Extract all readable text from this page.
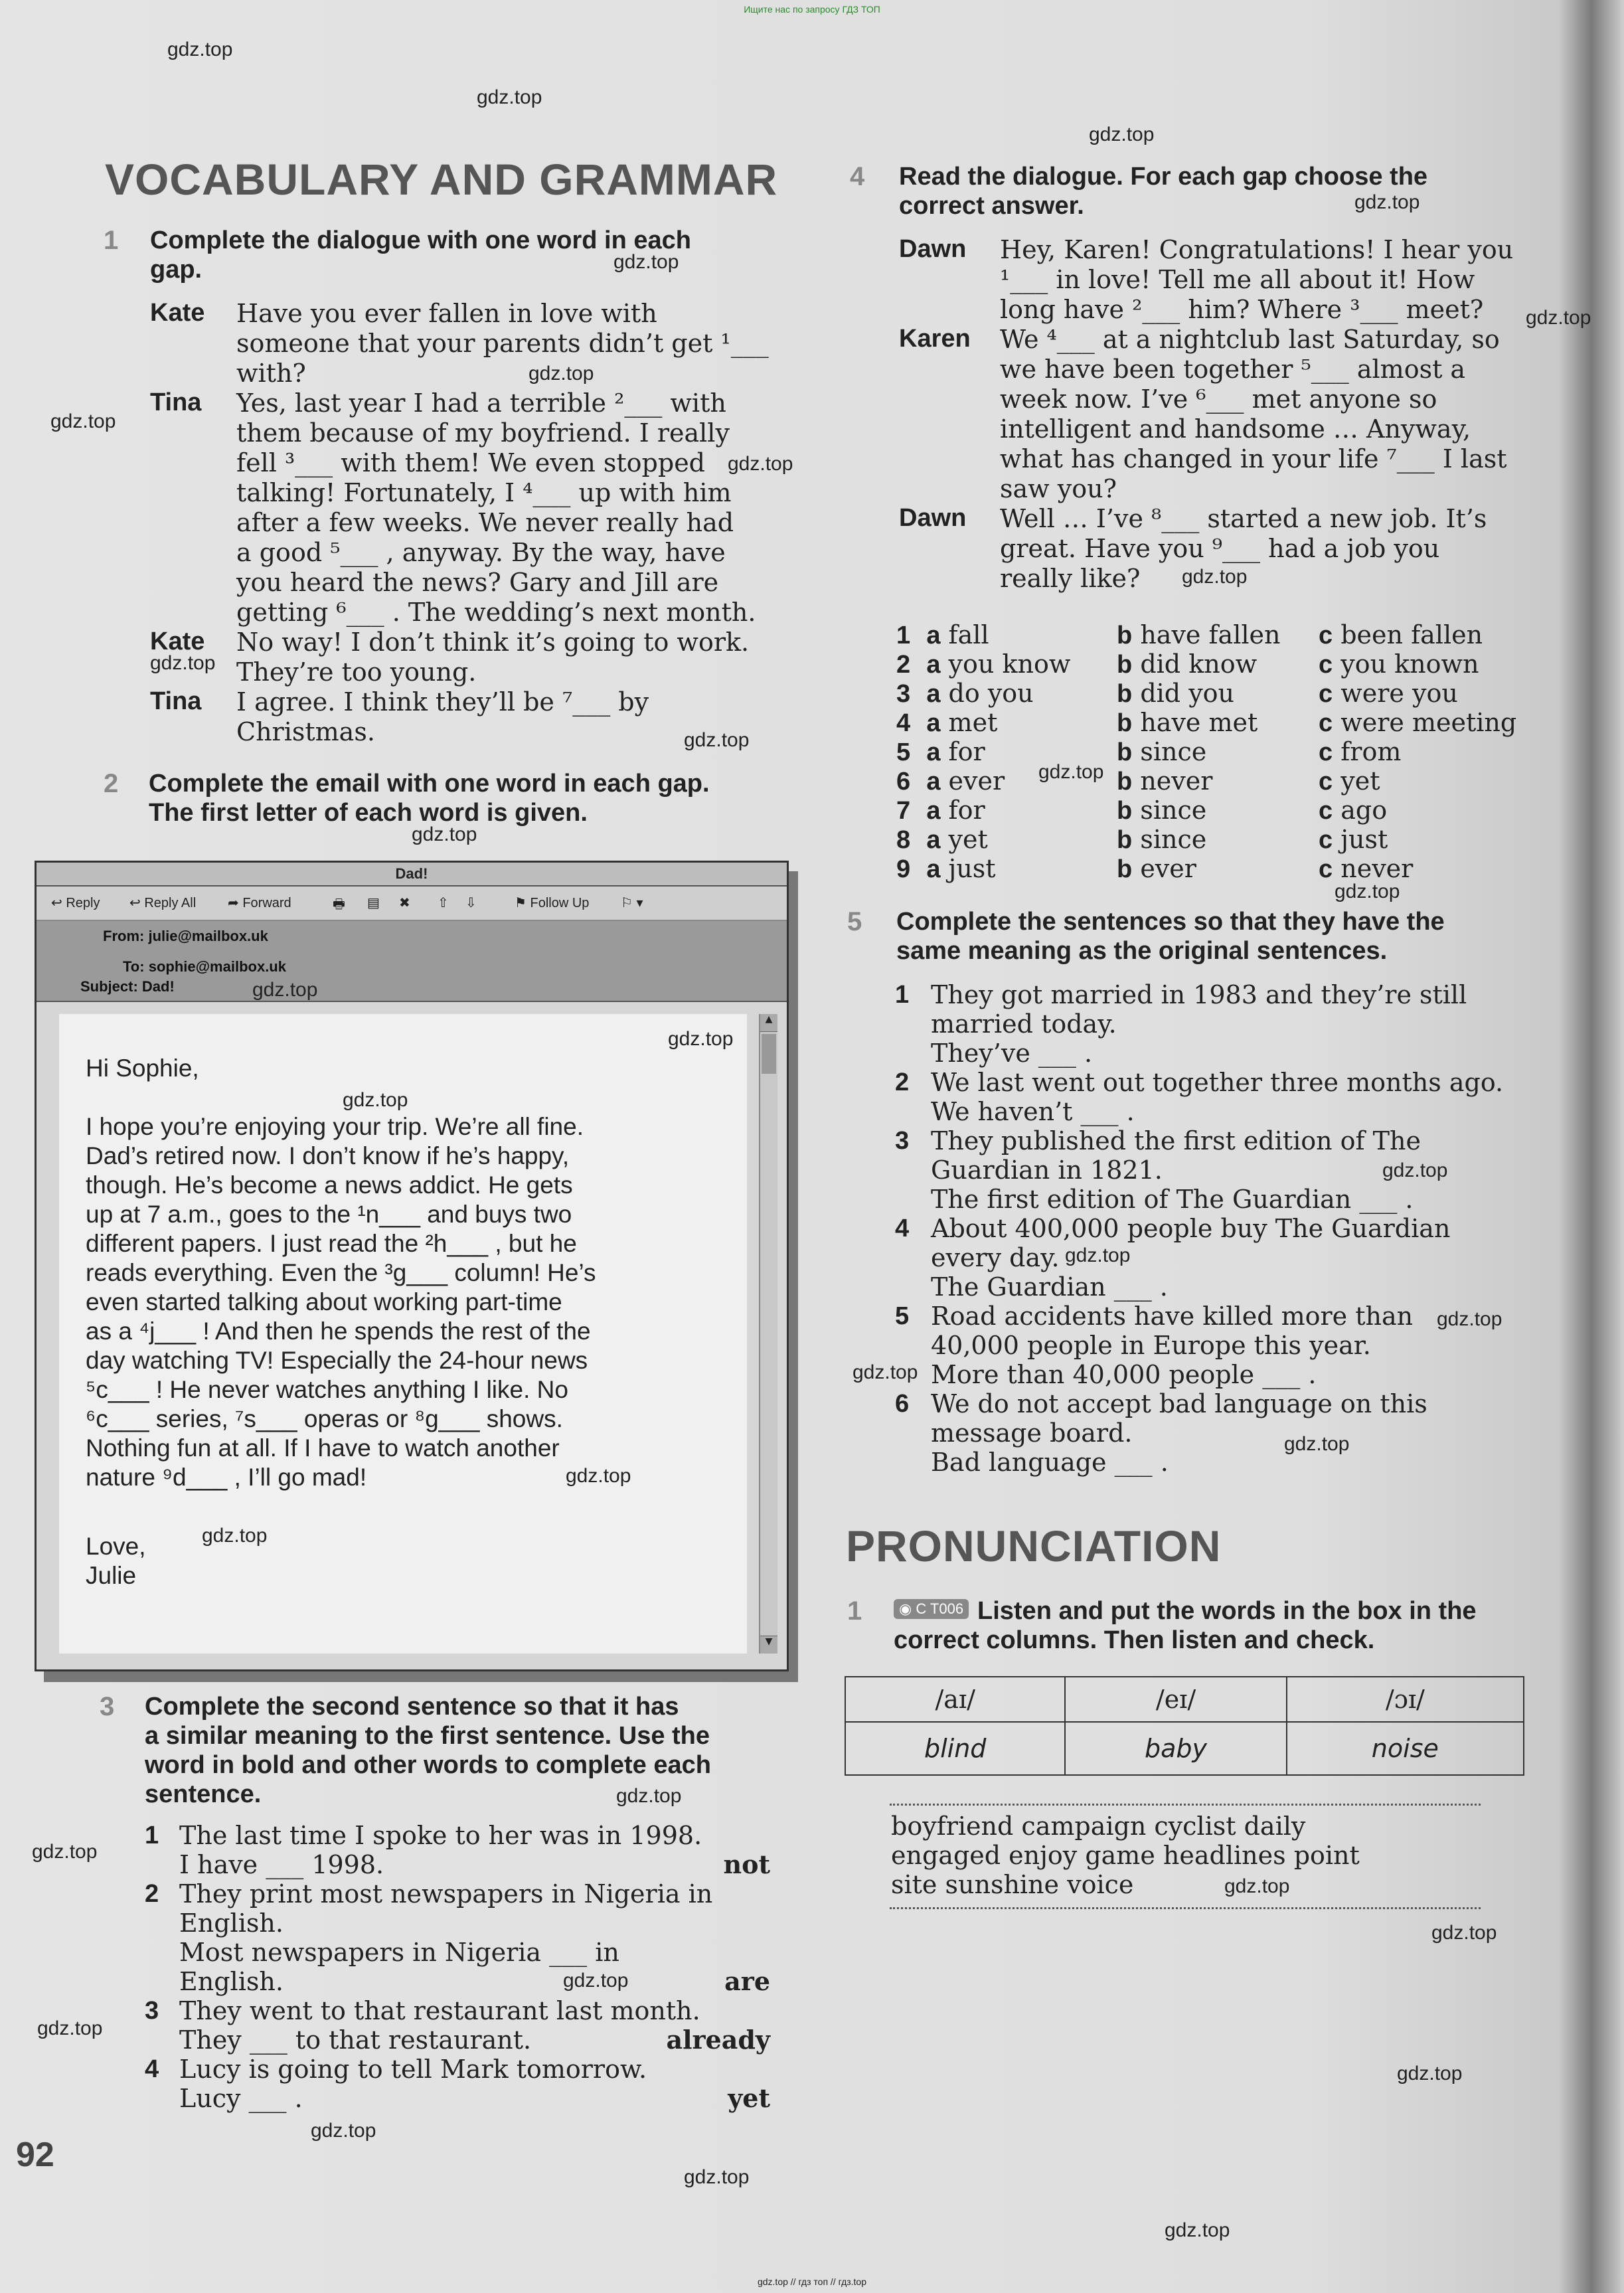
Ищите нас по запросу ГДЗ ТОП
VOCABULARY AND GRAMMAR
1 Complete the dialogue with one word in each
gap.
Kate Have you ever fallen in love with
someone that your parents didn’t get ¹___
with?
Tina Yes, last year I had a terrible ²___ with
them because of my boyfriend. I really
fell ³___ with them! We even stopped
talking! Fortunately, I ⁴___ up with him
after a few weeks. We never really had
a good ⁵___ , anyway. By the way, have
you heard the news? Gary and Jill are
getting ⁶___ . The wedding’s next month.
Kate No way! I don’t think it’s going to work.
They’re too young.
Tina I agree. I think they’ll be ⁷___ by
Christmas.
2 Complete the email with one word in each gap.
The first letter of each word is given.
Dad!
↩ Reply ↩ Reply All ➦ Forward	🖶 ▤ ✖ ⇧ ⇩	⚑ Follow Up ⚐ ▾
From: julie@mailbox.uk
To: sophie@mailbox.uk
Subject: Dad!
Hi Sophie,
I hope you’re enjoying your trip. We’re all fine.
Dad’s retired now. I don’t know if he’s happy,
though. He’s become a news addict. He gets
up at 7 a.m., goes to the ¹n___ and buys two
different papers. I just read the ²h___ , but he
reads everything. Even the ³g___ column! He’s
even started talking about working part-time
as a ⁴j___ ! And then he spends the rest of the
day watching TV! Especially the 24-hour news
⁵c___ ! He never watches anything I like. No
⁶c___ series, ⁷s___ operas or ⁸g___ shows.
Nothing fun at all. If I have to watch another
nature ⁹d___ , I’ll go mad!
Love,
Julie
▲
▼
3 Complete the second sentence so that it has
a similar meaning to the first sentence. Use the
word in bold and other words to complete each
sentence.
1 The last time I spoke to her was in 1998.
I have ___ 1998.	not
2 They print most newspapers in Nigeria in
English.
Most newspapers in Nigeria ___ in
English.	are
3 They went to that restaurant last month.
They ___ to that restaurant.	already
4 Lucy is going to tell Mark tomorrow.
Lucy ___ .	yet
92
4 Read the dialogue. For each gap choose the
correct answer.
Dawn Hey, Karen! Congratulations! I hear you
¹___ in love! Tell me all about it! How
long have ²___ him? Where ³___ meet?
Karen We ⁴___ at a nightclub last Saturday, so
we have been together ⁵___ almost a
week now. I’ve ⁶___ met anyone so
intelligent and handsome … Anyway,
what has changed in your life ⁷___ I last
saw you?
Dawn Well … I’ve ⁸___ started a new job. It’s
great. Have you ⁹___ had a job you
really like?
1 a fall	b have fallen c been fallen
2 a you know b did know c you known
3 a do you	b did you	c were you
4 a met	b have met c were meeting
5 a for	b since	c from
6 a ever	b never	c yet
7 a for	b since	c ago
8 a yet	b since	c just
9 a just	b ever	c never
5 Complete the sentences so that they have the
same meaning as the original sentences.
1 They got married in 1983 and they’re still
married today.
They’ve ___ .
2 We last went out together three months ago.
We haven’t ___ .
3 They published the first edition of The
Guardian in 1821.
The first edition of The Guardian ___ .
4 About 400,000 people buy The Guardian
every day.
The Guardian ___ .
5 Road accidents have killed more than
40,000 people in Europe this year.
More than 40,000 people ___ .
6 We do not accept bad language on this
message board.
Bad language ___ .
PRONUNCIATION
1	◉ C T006 Listen and put the words in the box in the
correct columns. Then listen and check.
/aɪ/	/eɪ/	/ɔɪ/
blind	baby	noise
boyfriend campaign cyclist daily
engaged enjoy game headlines point
site sunshine voice
gdz.top
gdz.top
gdz.top
gdz.top
gdz.top
gdz.top
gdz.top
gdz.top
gdz.top
gdz.top
gdz.top
gdz.top
gdz.top
gdz.top
gdz.top
gdz.top
gdz.top
gdz.top
gdz.top
gdz.top
gdz.top
gdz.top
gdz.top
gdz.top
gdz.top
gdz.top
gdz.top
gdz.top
gdz.top
gdz.top
gdz.top
gdz.top
gdz.top
gdz.top
gdz.top
gdz.top // гдз топ // гдз.top
